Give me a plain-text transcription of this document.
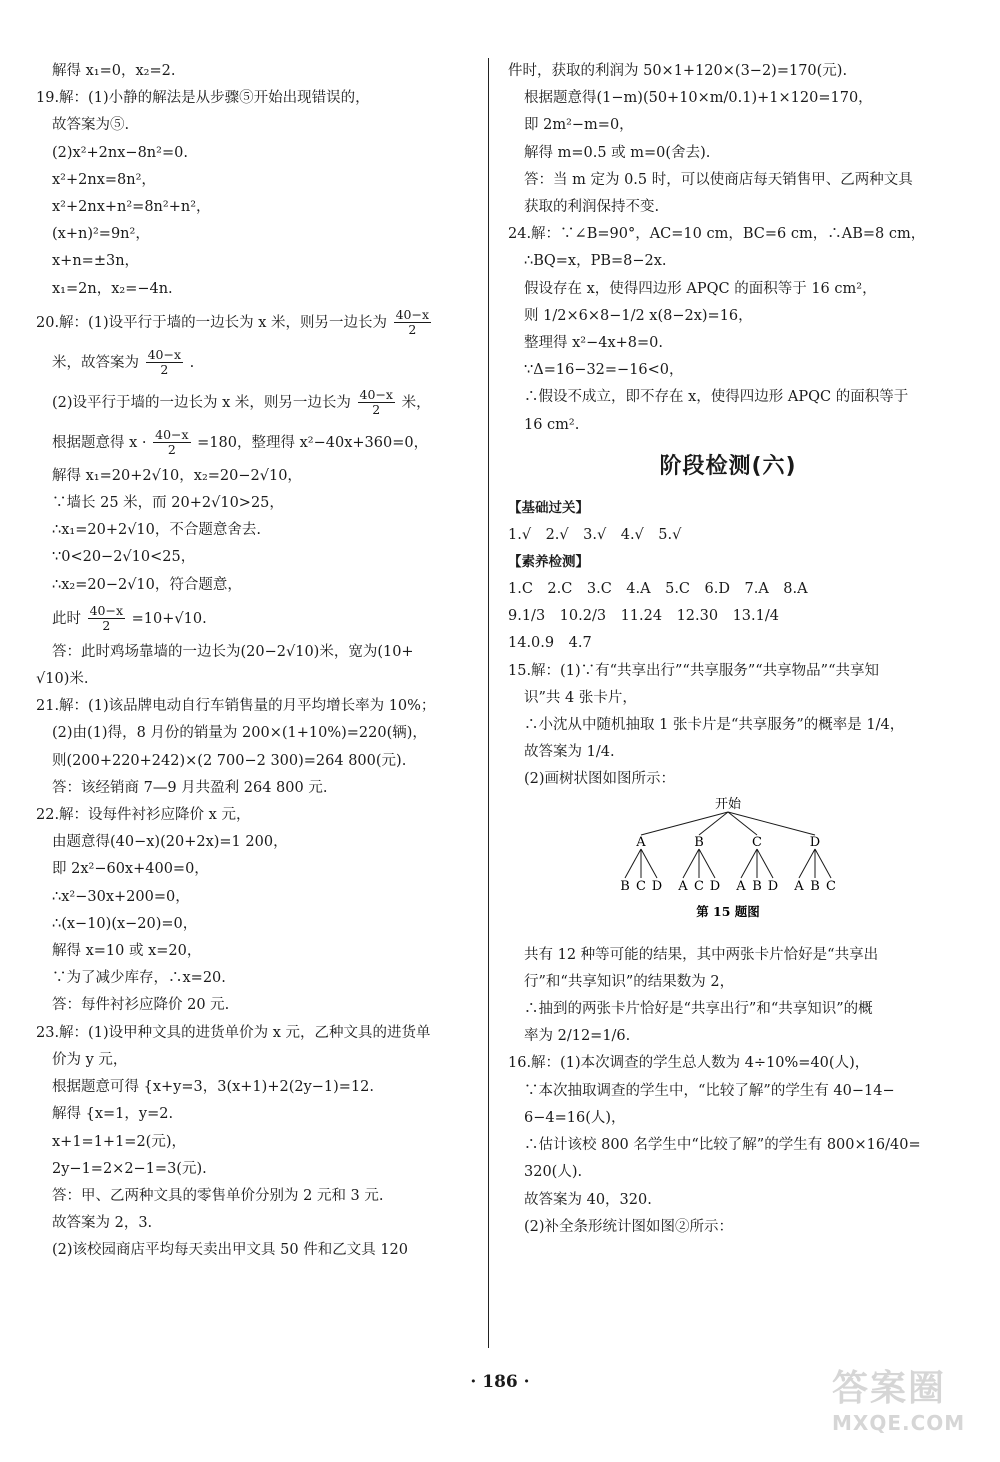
解得 x₁=0，x₂=2.
19.解：(1)小静的解法是从步骤⑤开始出现错误的，
故答案为⑤.
(2)x²+2nx−8n²=0.
x²+2nx=8n²，
x²+2nx+n²=8n²+n²，
(x+n)²=9n²，
x+n=±3n，
x₁=2n，x₂=−4n.
20.解：(1)设平行于墙的一边长为 x 米，则另一边长为 $\frac{40-x}{2}$
米，故答案为 $\frac{40-x}{2}$ .
(2)设平行于墙的一边长为 x 米，则另一边长为 $\frac{40-x}{2}$ 米，
根据题意得 $x \cdot \frac{40-x}{2} =180$，整理得 x²−40x+360=0，
解得 x₁=20+2√10，x₂=20−2√10，
∵墙长 25 米，而 20+2√10>25，
∴x₁=20+2√10，不合题意舍去.
∵0<20−2√10<25，
∴x₂=20−2√10，符合题意，
此时 $\frac{40-x}{2} =10+√10$.
答：此时鸡场靠墙的一边长为(20−2√10)米，宽为(10+
√10)米.
21.解：(1)该品牌电动自行车销售量的月平均增长率为 10%；
(2)由(1)得，8 月份的销量为 200×(1+10%)=220(辆)，
则(200+220+242)×(2 700−2 300)=264 800(元).
答：该经销商 7—9 月共盈利 264 800 元.
22.解：设每件衬衫应降价 x 元，
由题意得(40−x)(20+2x)=1 200，
即 2x²−60x+400=0，
∴x²−30x+200=0，
∴(x−10)(x−20)=0，
解得 x=10 或 x=20，
∵为了减少库存，∴x=20.
答：每件衬衫应降价 20 元.
23.解：(1)设甲种文具的进货单价为 x 元，乙种文具的进货单
价为 y 元，
根据题意可得 {x+y=3，3(x+1)+2(2y−1)=12.
解得 {x=1，y=2.
x+1=1+1=2(元)，
2y−1=2×2−1=3(元).
答：甲、乙两种文具的零售单价分别为 2 元和 3 元.
故答案为 2，3.
(2)该校园商店平均每天卖出甲文具 50 件和乙文具 120
件时，获取的利润为 50×1+120×(3−2)=170(元).
根据题意得(1−m)(50+10×m/0.1)+1×120=170，
即 2m²−m=0，
解得 m=0.5 或 m=0(舍去).
答：当 m 定为 0.5 时，可以使商店每天销售甲、乙两种文具
获取的利润保持不变.
24.解：∵∠B=90°，AC=10 cm，BC=6 cm，∴AB=8 cm，
∴BQ=x，PB=8−2x.
假设存在 x，使得四边形 APQC 的面积等于 16 cm²，
则 1/2×6×8−1/2 x(8−2x)=16，
整理得 x²−4x+8=0.
∵Δ=16−32=−16<0，
∴假设不成立，即不存在 x，使得四边形 APQC 的面积等于
16 cm².
阶段检测(六)
【基础过关】
1.√　2.√　3.√　4.√　5.√
【素养检测】
1.C　2.C　3.C　4.A　5.C　6.D　7.A　8.A
9.1/3　10.2/3　11.24　12.30　13.1/4
14.0.9　4.7
15.解：(1)∵有“共享出行”“共享服务”“共享物品”“共享知
识”共 4 张卡片，
∴小沈从中随机抽取 1 张卡片是“共享服务”的概率是 1/4，
故答案为 1/4.
(2)画树状图如图所示：
开始
A
B C D
B
A C D
C
A B D
D
A B C
第 15 题图
共有 12 种等可能的结果，其中两张卡片恰好是“共享出
行”和“共享知识”的结果数为 2，
∴抽到的两张卡片恰好是“共享出行”和“共享知识”的概
率为 2/12=1/6.
16.解：(1)本次调查的学生总人数为 4÷10%=40(人)，
∵本次抽取调查的学生中，“比较了解”的学生有 40−14−
6−4=16(人)，
∴估计该校 800 名学生中“比较了解”的学生有 800×16/40=
320(人).
故答案为 40，320.
(2)补全条形统计图如图②所示：
· 186 ·	答案圈
MXQE.COM
